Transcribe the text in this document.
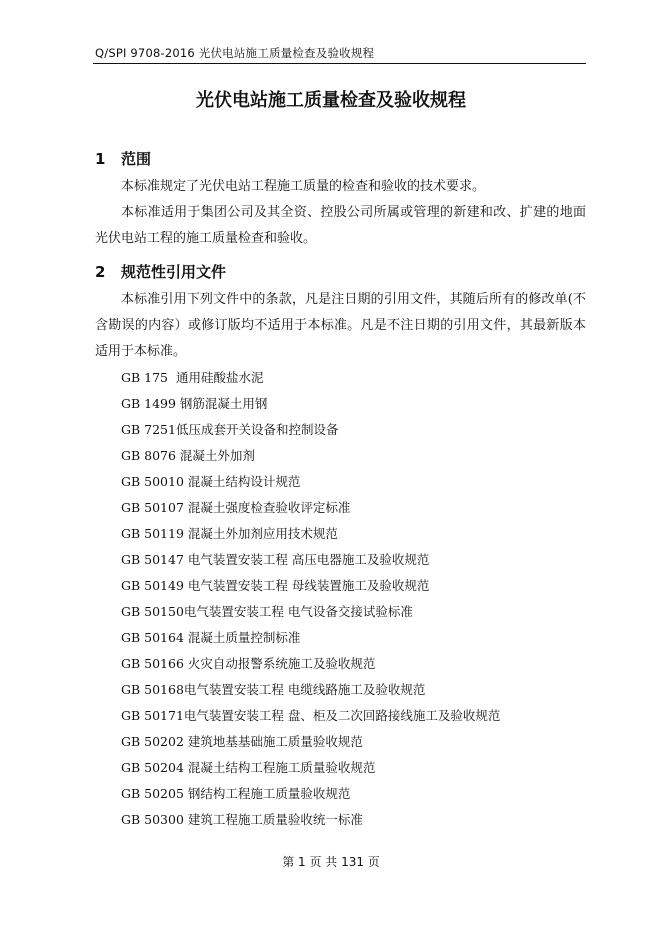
Q/SPI 9708-2016 光伏电站施工质量检查及验收规程
光伏电站施工质量检查及验收规程
1 范围

本标准规定了光伏电站工程施工质量的检查和验收的技术要求。

本标准适用于集团公司及其全资、控股公司所属或管理的新建和改、扩建的地面光伏电站工程的施工质量检查和验收。

2 规范性引用文件

本标准引用下列文件中的条款，凡是注日期的引用文件，其随后所有的修改单(不含勘误的内容）或修订版均不适用于本标准。凡是不注日期的引用文件，其最新版本适用于本标准。

GB 175  通用硅酸盐水泥
GB 1499 钢筋混凝土用钢
GB 7251低压成套开关设备和控制设备
GB 8076 混凝土外加剂
GB 50010 混凝土结构设计规范
GB 50107 混凝土强度检查验收评定标准
GB 50119 混凝土外加剂应用技术规范
GB 50147 电气装置安装工程 高压电器施工及验收规范
GB 50149 电气装置安装工程 母线装置施工及验收规范
GB 50150电气装置安装工程 电气设备交接试验标准
GB 50164 混凝土质量控制标准
GB 50166 火灾自动报警系统施工及验收规范
GB 50168电气装置安装工程 电缆线路施工及验收规范
GB 50171电气装置安装工程 盘、柜及二次回路接线施工及验收规范
GB 50202 建筑地基基础施工质量验收规范
GB 50204 混凝土结构工程施工质量验收规范
GB 50205 钢结构工程施工质量验收规范
GB 50300 建筑工程施工质量验收统一标准
第 1 页 共 131 页
